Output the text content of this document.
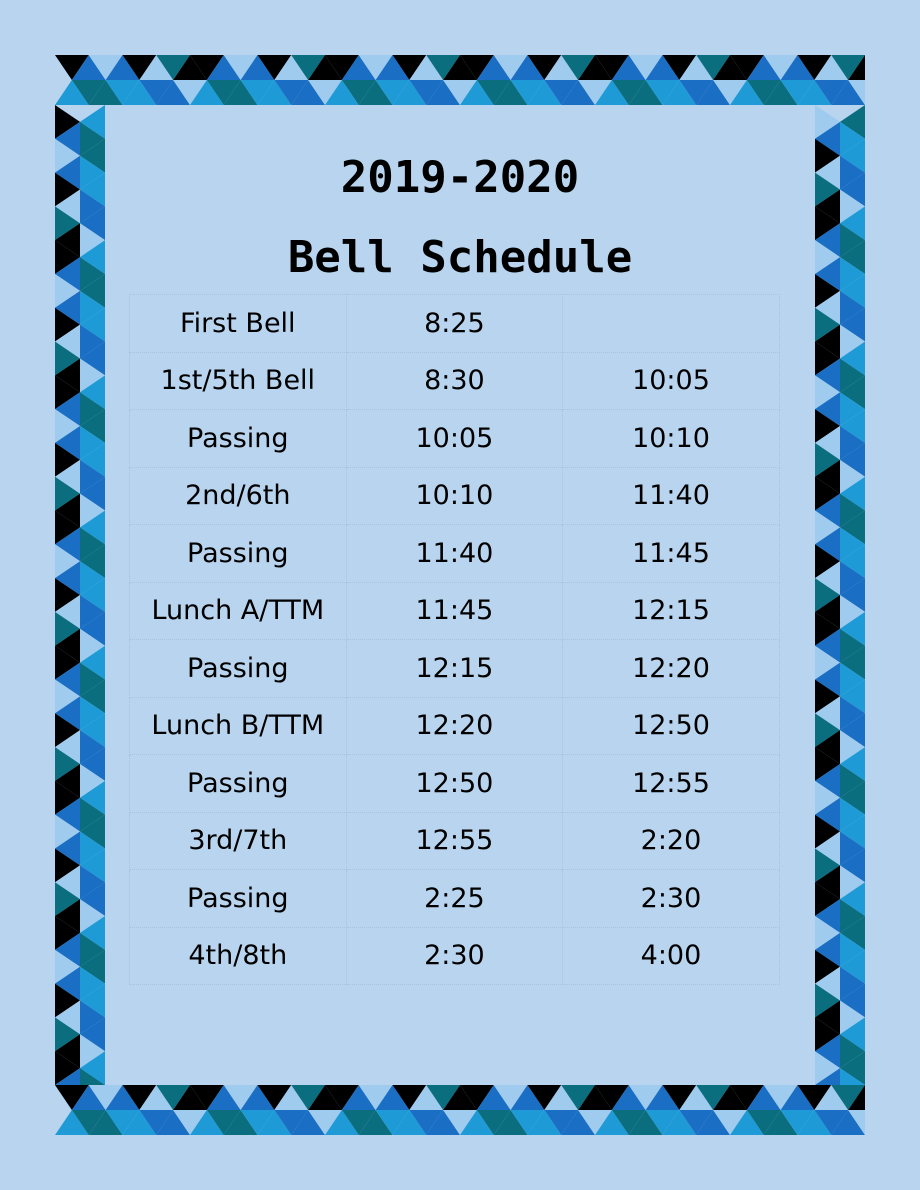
2019-2020
Bell Schedule
First Bell	8:25	
1st/5th Bell	8:30	10:05
Passing	10:05	10:10
2nd/6th	10:10	11:40
Passing	11:40	11:45
Lunch A/TTM	11:45	12:15
Passing	12:15	12:20
Lunch B/TTM	12:20	12:50
Passing	12:50	12:55
3rd/7th	12:55	2:20
Passing	2:25	2:30
4th/8th	2:30	4:00
